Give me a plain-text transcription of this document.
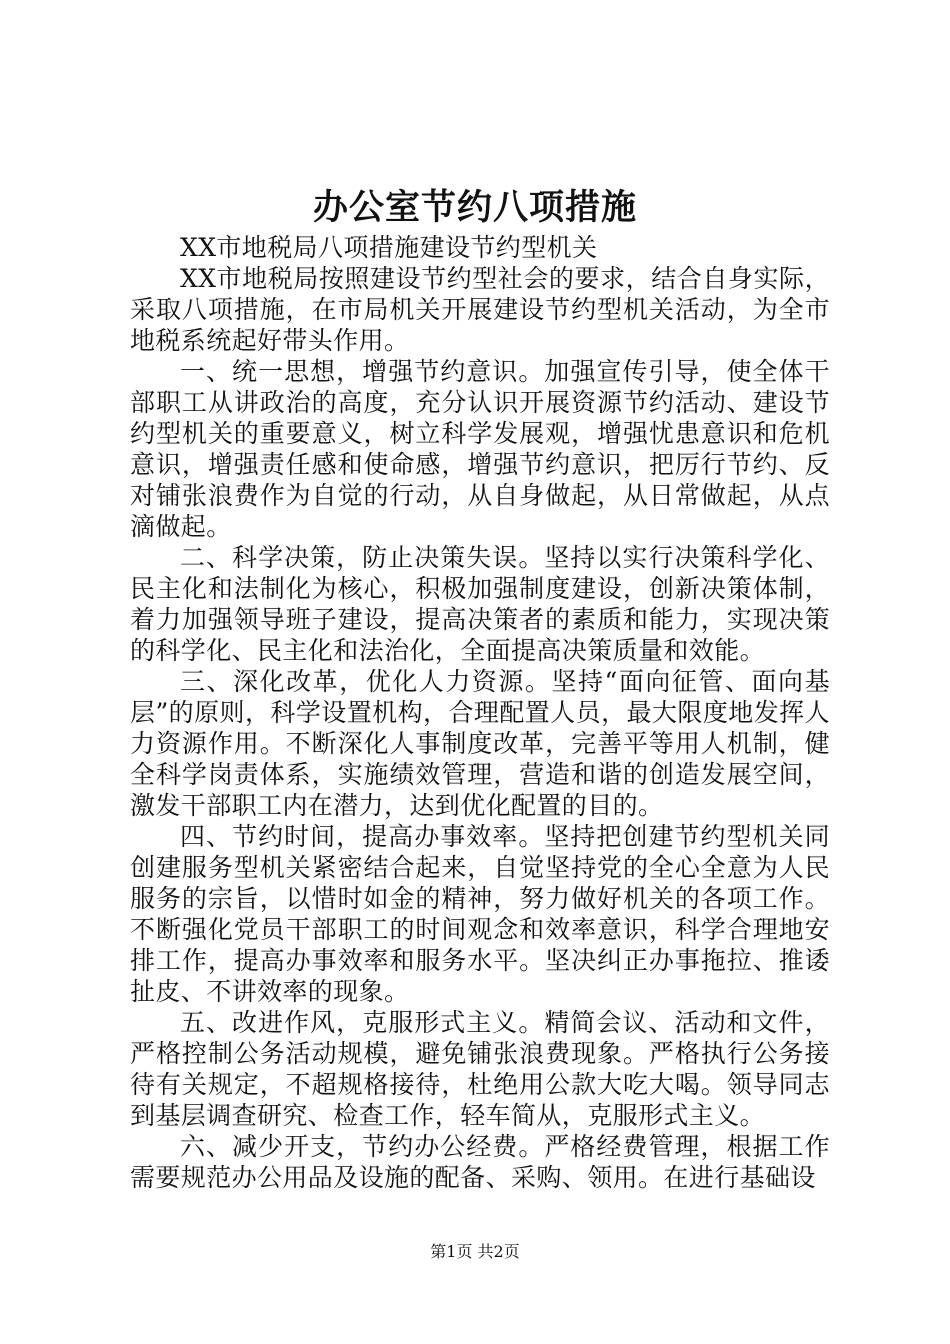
办公室节约八项措施

XX市地税局八项措施建设节约型机关

XX市地税局按照建设节约型社会的要求，结合自身实际，采取八项措施，在市局机关开展建设节约型机关活动，为全市地税系统起好带头作用。

一、统一思想，增强节约意识。加强宣传引导，使全体干部职工从讲政治的高度，充分认识开展资源节约活动、建设节约型机关的重要意义，树立科学发展观，增强忧患意识和危机意识，增强责任感和使命感，增强节约意识，把厉行节约、反对铺张浪费作为自觉的行动，从自身做起，从日常做起，从点滴做起。

二、科学决策，防止决策失误。坚持以实行决策科学化、民主化和法制化为核心，积极加强制度建设，创新决策体制，着力加强领导班子建设，提高决策者的素质和能力，实现决策的科学化、民主化和法治化，全面提高决策质量和效能。

三、深化改革，优化人力资源。坚持“面向征管、面向基层”的原则，科学设置机构，合理配置人员，最大限度地发挥人力资源作用。不断深化人事制度改革，完善平等用人机制，健全科学岗责体系，实施绩效管理，营造和谐的创造发展空间，激发干部职工内在潜力，达到优化配置的目的。

四、节约时间，提高办事效率。坚持把创建节约型机关同创建服务型机关紧密结合起来，自觉坚持党的全心全意为人民服务的宗旨，以惜时如金的精神，努力做好机关的各项工作。不断强化党员干部职工的时间观念和效率意识，科学合理地安排工作，提高办事效率和服务水平。坚决纠正办事拖拉、推诿扯皮、不讲效率的现象。

五、改进作风，克服形式主义。精简会议、活动和文件，严格控制公务活动规模，避免铺张浪费现象。严格执行公务接待有关规定，不超规格接待，杜绝用公款大吃大喝。领导同志到基层调查研究、检查工作，轻车简从，克服形式主义。

六、减少开支，节约办公经费。严格经费管理，根据工作需要规范办公用品及设施的配备、采购、领用。在进行基础设

第1页 共2页
